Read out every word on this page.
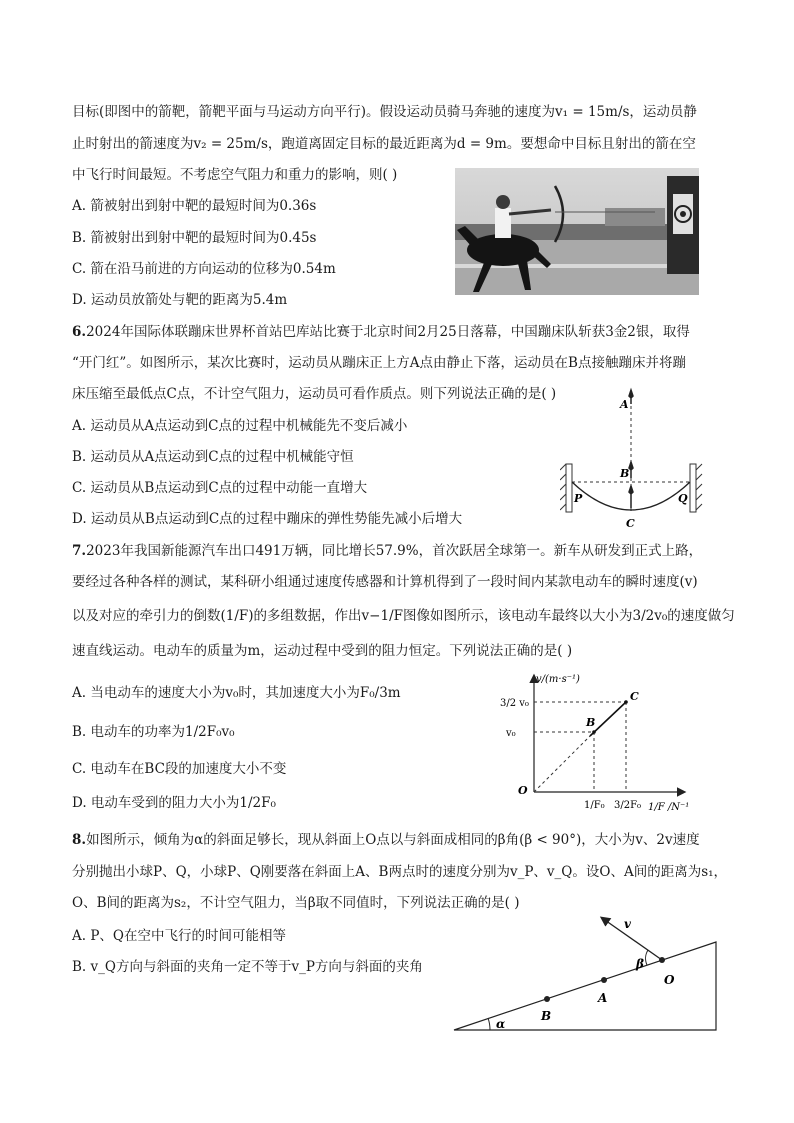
目标(即图中的箭靶，箭靶平面与马运动方向平行)。假设运动员骑马奔驰的速度为v₁ = 15m/s，运动员静
止时射出的箭速度为v₂ = 25m/s，跑道离固定目标的最近距离为d = 9m。要想命中目标且射出的箭在空
中飞行时间最短。不考虑空气阻力和重力的影响，则( )
A. 箭被射出到射中靶的最短时间为0.36s
B. 箭被射出到射中靶的最短时间为0.45s
C. 箭在沿马前进的方向运动的位移为0.54m
D. 运动员放箭处与靶的距离为5.4m
6.2024年国际体联蹦床世界杯首站巴库站比赛于北京时间2月25日落幕，中国蹦床队斩获3金2银，取得
“开门红”。如图所示，某次比赛时，运动员从蹦床正上方A点由静止下落，运动员在B点接触蹦床并将蹦
床压缩至最低点C点，不计空气阻力，运动员可看作质点。则下列说法正确的是( )
A. 运动员从A点运动到C点的过程中机械能先不变后减小
B. 运动员从A点运动到C点的过程中机械能守恒
C. 运动员从B点运动到C点的过程中动能一直增大
D. 运动员从B点运动到C点的过程中蹦床的弹性势能先减小后增大
A
B
C
P	Q
7.2023年我国新能源汽车出口491万辆，同比增长57.9%，首次跃居全球第一。新车从研发到正式上路，
要经过各种各样的测试，某科研小组通过速度传感器和计算机得到了一段时间内某款电动车的瞬时速度(v)
以及对应的牵引力的倒数(1/F)的多组数据，作出v−1/F图像如图所示，该电动车最终以大小为3/2v₀的速度做匀
速直线运动。电动车的质量为m，运动过程中受到的阻力恒定。下列说法正确的是( )
A. 当电动车的速度大小为v₀时，其加速度大小为F₀/3m
B. 电动车的功率为1/2F₀v₀
C. 电动车在BC段的加速度大小不变
D. 电动车受到的阻力大小为1/2F₀
v/(m·s⁻¹)
1/F /N⁻¹
1/F₀ 3/2F₀
v₀
3/2 v₀
O
B
C
8.如图所示，倾角为α的斜面足够长，现从斜面上O点以与斜面成相同的β角(β < 90°)，大小为v、2v速度
分别抛出小球P、Q，小球P、Q刚要落在斜面上A、B两点时的速度分别为v_P、v_Q。设O、A间的距离为s₁，
O、B间的距离为s₂，不计空气阻力，当β取不同值时，下列说法正确的是( )
A. P、Q在空中飞行的时间可能相等
B. v_Q方向与斜面的夹角一定不等于v_P方向与斜面的夹角
v
β
O
A
B
α
